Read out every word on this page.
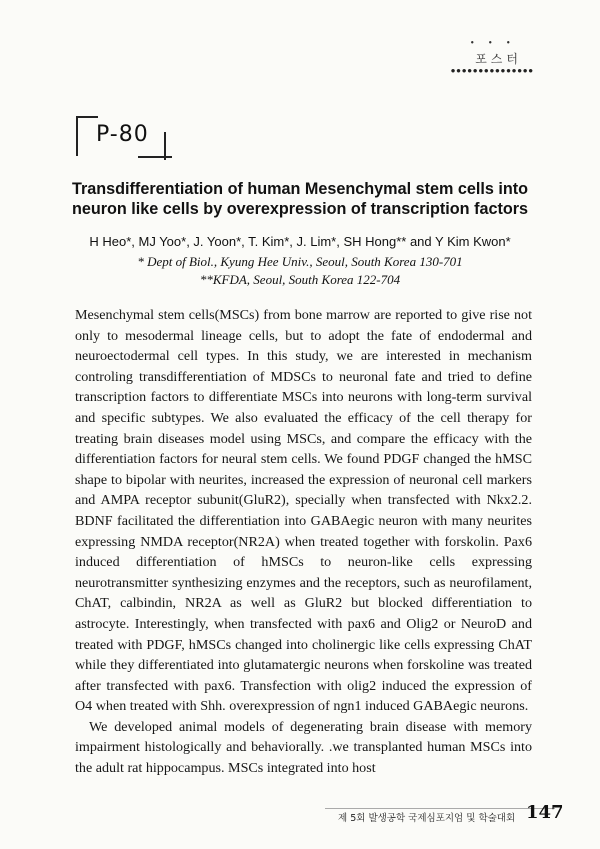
• • •
포스터
•••••••••••••••
P-80
Transdifferentiation of human Mesenchymal stem cells into
neuron like cells by overexpression of transcription factors
H Heo*, MJ Yoo*, J. Yoon*, T. Kim*, J. Lim*, SH Hong** and Y Kim Kwon*
* Dept of Biol., Kyung Hee Univ., Seoul, South Korea 130-701
**KFDA, Seoul, South Korea 122-704

Mesenchymal stem cells(MSCs) from bone marrow are reported to give rise not only to mesodermal lineage cells, but to adopt the fate of endodermal and neuroectodermal cell types. In this study, we are interested in mechanism controling transdifferentiation of MDSCs to neuronal fate and tried to define transcription factors to differentiate MSCs into neurons with long-term survival and specific subtypes. We also evaluated the efficacy of the cell therapy for treating brain diseases model using MSCs, and compare the efficacy with the differentiation factors for neural stem cells. We found PDGF changed the hMSC shape to bipolar with neurites, increased the expression of neuronal cell markers and AMPA receptor subunit(GluR2), specially when transfected with Nkx2.2. BDNF facilitated the differentiation into GABAegic neuron with many neurites expressing NMDA receptor(NR2A) when treated together with forskolin. Pax6 induced differentiation of hMSCs to neuron-like cells expressing neurotransmitter synthesizing enzymes and the receptors, such as neurofilament, ChAT, calbindin, NR2A as well as GluR2 but blocked differentiation to astrocyte. Interestingly, when transfected with pax6 and Olig2 or NeuroD and treated with PDGF, hMSCs changed into cholinergic like cells expressing ChAT while they differentiated into glutamatergic neurons when forskoline was treated after transfected with pax6. Transfection with olig2 induced the expression of O4 when treated with Shh. overexpression of ngn1 induced GABAegic neurons.

We developed animal models of degenerating brain disease with memory impairment histologically and behaviorally. .we transplanted human MSCs into the adult rat hippocampus. MSCs integrated into host

제 5회 발생공학 국제심포지엄 및 학술대회 147
